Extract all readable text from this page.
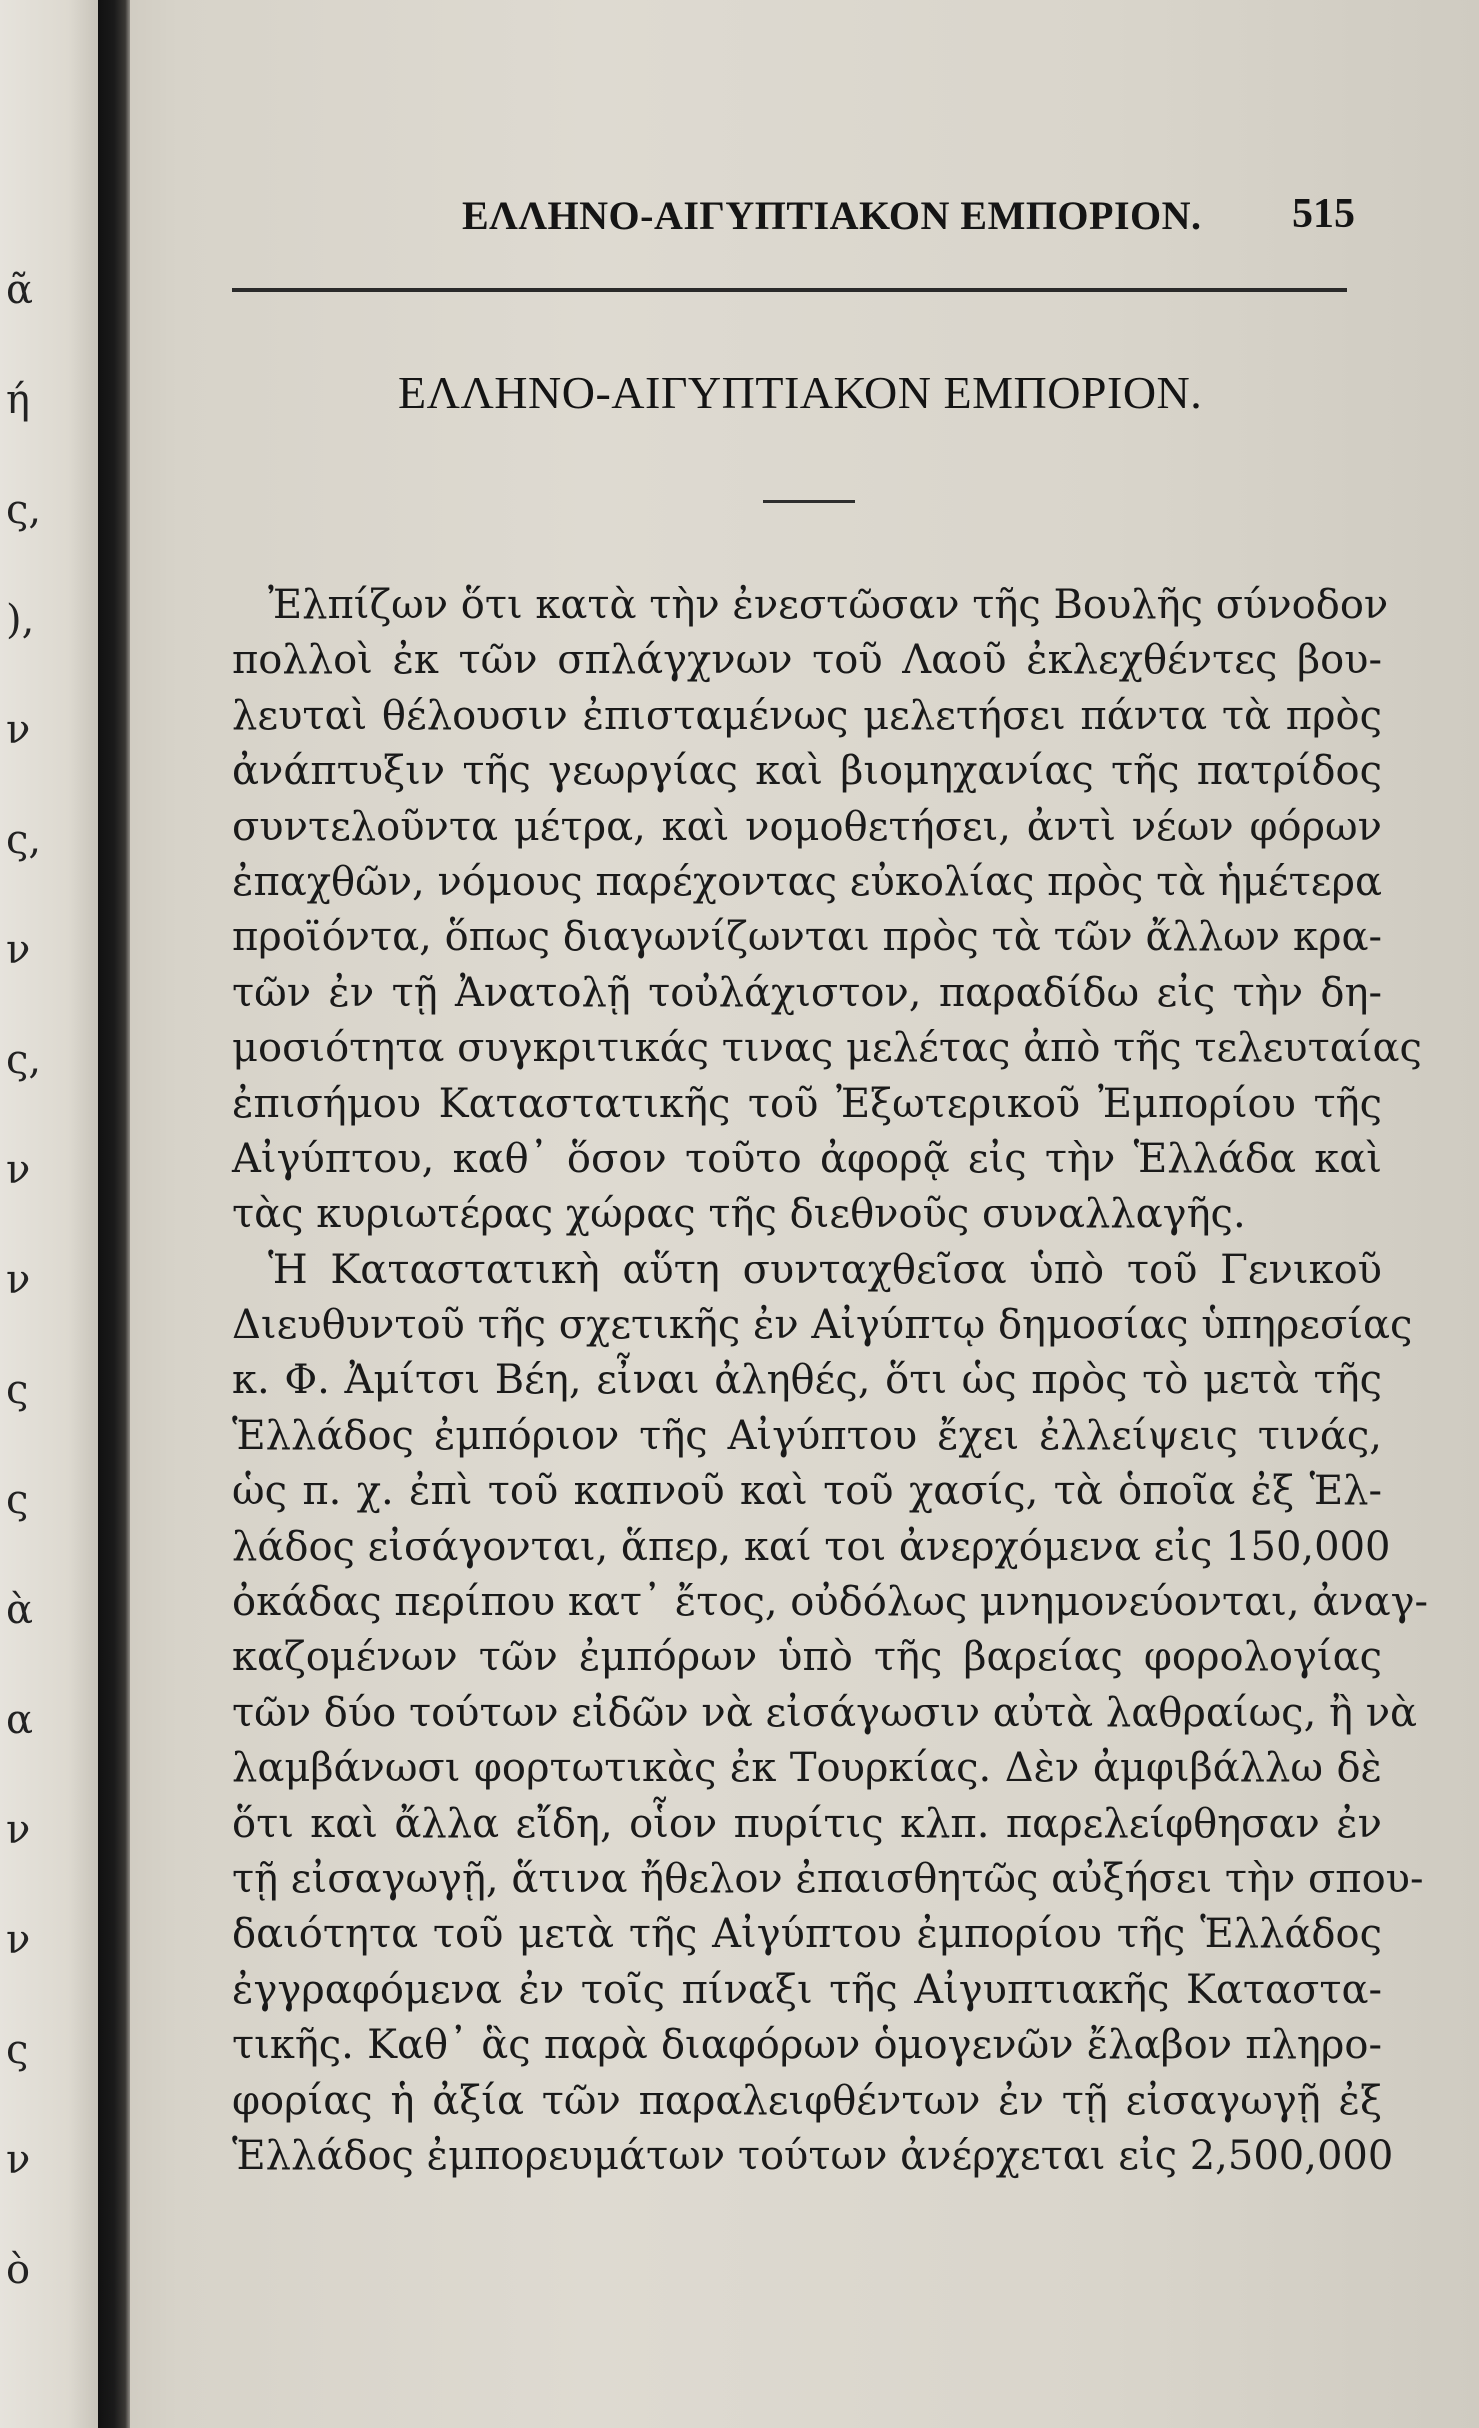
ᾶ
ή
ς,
),
ν
ς,
ν
ς,
ν
ν
ς
ς
ὰ
α
ν
ν
ς
ν
ὸ
ΕΛΛΗΝΟ-ΑΙΓΥΠΤΙΑΚΟΝ ΕΜΠΟΡΙΟΝ. 515
ΕΛΛΗΝΟ-ΑΙΓΥΠΤΙΑΚΟΝ ΕΜΠΟΡΙΟΝ.
Ἐλπίζων ὅτι κατὰ τὴν ἐνεστῶσαν τῆς Βουλῆς σύνοδον
πολλοὶ ἐκ τῶν σπλάγχνων τοῦ Λαοῦ ἐκλεχθέντες βου-
λευταὶ θέλουσιν ἐπισταμένως μελετήσει πάντα τὰ πρὸς
ἀνάπτυξιν τῆς γεωργίας καὶ βιομηχανίας τῆς πατρίδος
συντελοῦντα μέτρα, καὶ νομοθετήσει, ἀντὶ νέων φόρων
ἐπαχθῶν, νόμους παρέχοντας εὐκολίας πρὸς τὰ ἡμέτερα
προϊόντα, ὅπως διαγωνίζωνται πρὸς τὰ τῶν ἄλλων κρα-
τῶν ἐν τῇ Ἀνατολῇ τοὐλάχιστον, παραδίδω εἰς τὴν δη-
μοσιότητα συγκριτικάς τινας μελέτας ἀπὸ τῆς τελευταίας
ἐπισήμου Καταστατικῆς τοῦ Ἐξωτερικοῦ Ἐμπορίου τῆς
Αἰγύπτου, καθ᾽ ὅσον τοῦτο ἀφορᾷ εἰς τὴν Ἑλλάδα καὶ
τὰς κυριωτέρας χώρας τῆς διεθνοῦς συναλλαγῆς.
Ἡ Καταστατικὴ αὕτη συνταχθεῖσα ὑπὸ τοῦ Γενικοῦ
Διευθυντοῦ τῆς σχετικῆς ἐν Αἰγύπτῳ δημοσίας ὑπηρεσίας
κ. Φ. Ἀμίτσι Βέη, εἶναι ἀληθές, ὅτι ὡς πρὸς τὸ μετὰ τῆς
Ἑλλάδος ἐμπόριον τῆς Αἰγύπτου ἔχει ἐλλείψεις τινάς,
ὡς π. χ. ἐπὶ τοῦ καπνοῦ καὶ τοῦ χασίς, τὰ ὁποῖα ἐξ Ἑλ-
λάδος εἰσάγονται, ἅπερ, καί τοι ἀνερχόμενα εἰς 150,000
ὀκάδας περίπου κατ᾽ ἔτος, οὐδόλως μνημονεύονται, ἀναγ-
καζομένων τῶν ἐμπόρων ὑπὸ τῆς βαρείας φορολογίας
τῶν δύο τούτων εἰδῶν νὰ εἰσάγωσιν αὐτὰ λαθραίως, ἢ νὰ
λαμβάνωσι φορτωτικὰς ἐκ Τουρκίας. Δὲν ἀμφιβάλλω δὲ
ὅτι καὶ ἄλλα εἴδη, οἷον πυρίτις κλπ. παρελείφθησαν ἐν
τῇ εἰσαγωγῇ, ἅτινα ἤθελον ἐπαισθητῶς αὐξήσει τὴν σπου-
δαιότητα τοῦ μετὰ τῆς Αἰγύπτου ἐμπορίου τῆς Ἑλλάδος
ἐγγραφόμενα ἐν τοῖς πίναξι τῆς Αἰγυπτιακῆς Καταστα-
τικῆς. Καθ᾽ ἃς παρὰ διαφόρων ὁμογενῶν ἔλαβον πληρο-
φορίας ἡ ἀξία τῶν παραλειφθέντων ἐν τῇ εἰσαγωγῇ ἐξ
Ἑλλάδος ἐμπορευμάτων τούτων ἀνέρχεται εἰς 2,500,000
